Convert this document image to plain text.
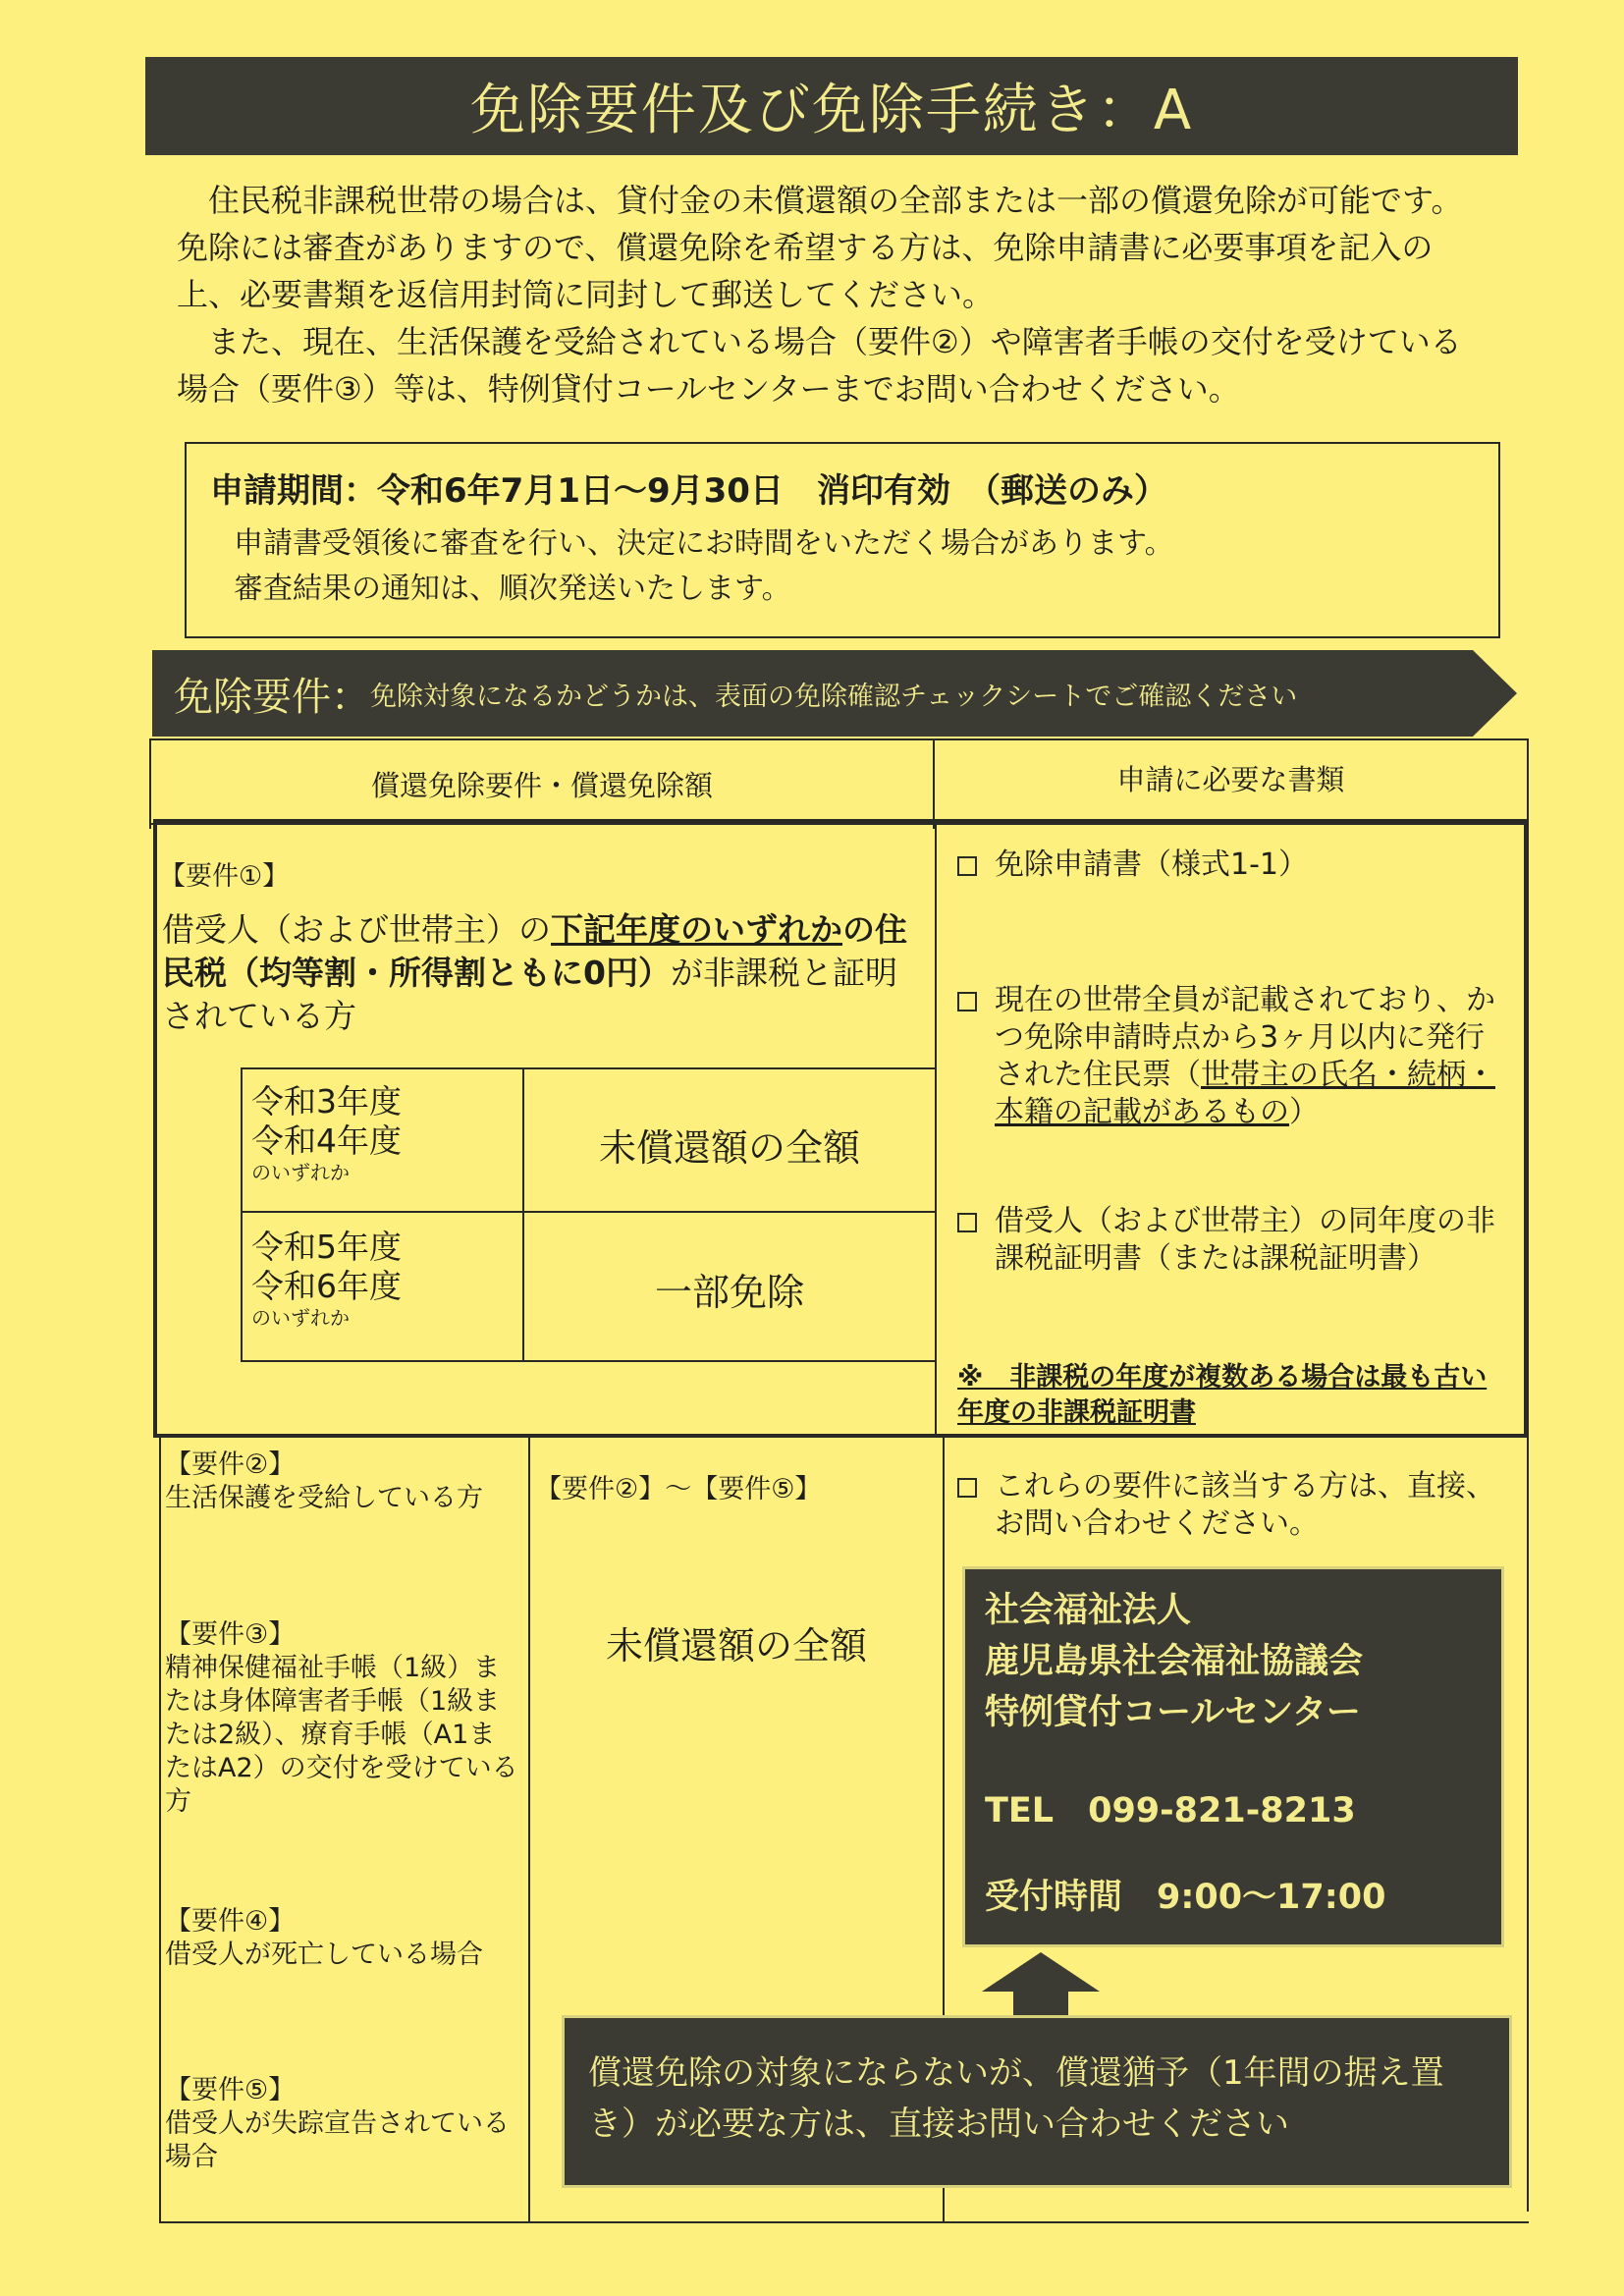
免除要件及び免除手続き：A

住民税非課税世帯の場合は、貸付金の未償還額の全部または一部の償還免除が可能です。免除には審査がありますので、償還免除を希望する方は、免除申請書に必要事項を記入の上、必要書類を返信用封筒に同封して郵送してください。

また、現在、生活保護を受給されている場合（要件②）や障害者手帳の交付を受けている場合（要件③）等は、特例貸付コールセンターまでお問い合わせください。

申請期間：令和6年7月1日～9月30日　消印有効　（郵送のみ）
申請書受領後に審査を行い、決定にお時間をいただく場合があります。
審査結果の通知は、順次発送いたします。
免除要件： 免除対象になるかどうかは、表面の免除確認チェックシートでご確認ください
償還免除要件・償還免除額	申請に必要な書類
【要件①】
借受人（および世帯主）の下記年度のいずれかの住民税（均等割・所得割ともに0円）が非課税と証明されている方
令和3年度
令和4年度
のいずれか
未償還額の全額
令和5年度
令和6年度
のいずれか
一部免除
免除申請書（様式1-1）
現在の世帯全員が記載されており、かつ免除申請時点から3ヶ月以内に発行された住民票（世帯主の氏名・続柄・本籍の記載があるもの）
借受人（および世帯主）の同年度の非課税証明書（または課税証明書）
※　非課税の年度が複数ある場合は最も古い年度の非課税証明書
【要件②】
生活保護を受給している方
【要件③】
精神保健福祉手帳（1級）または身体障害者手帳（1級または2級）、療育手帳（A1またはA2）の交付を受けている方
【要件④】
借受人が死亡している場合
【要件⑤】
借受人が失踪宣告されている場合
【要件②】～【要件⑤】
未償還額の全額
これらの要件に該当する方は、直接、お問い合わせください。
社会福祉法人
鹿児島県社会福祉協議会
特例貸付コールセンター
TEL　099-821-8213
受付時間　9:00～17:00
償還免除の対象にならないが、償還猶予（1年間の据え置き）が必要な方は、直接お問い合わせください
